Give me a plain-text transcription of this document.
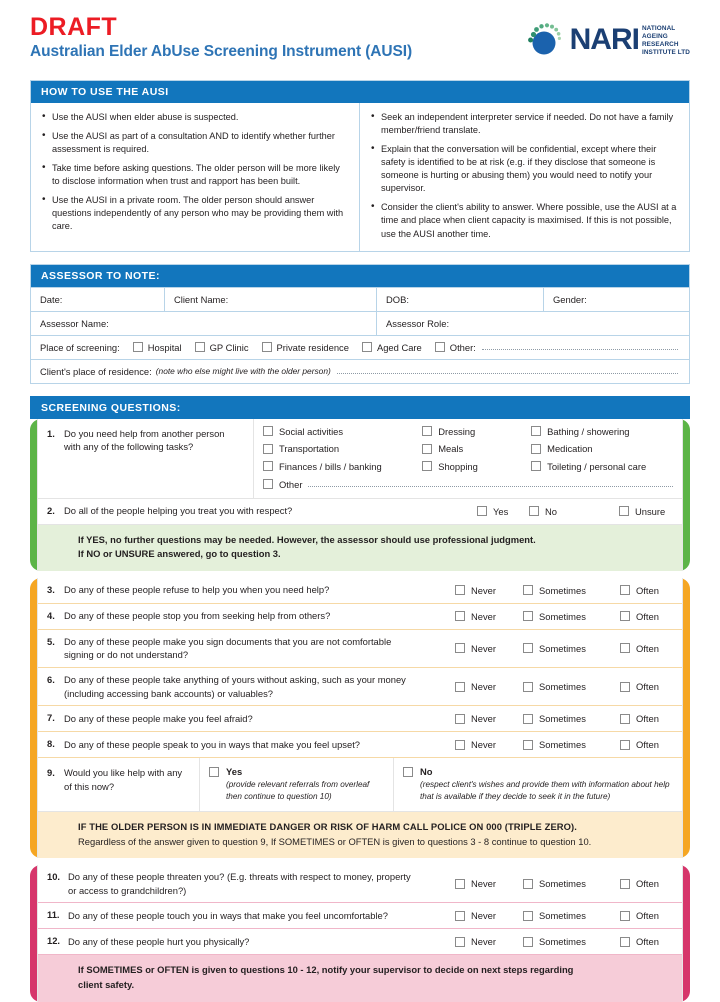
DRAFT
Australian Elder AbUse Screening Instrument (AUSI)	NARI NATIONAL
AGEING
RESEARCH
INSTITUTE LTD
HOW TO USE THE AUSI
• Use the AUSI when elder abuse is suspected.
• Use the AUSI as part of a consultation AND to identify whether further assessment is required.
• Take time before asking questions. The older person will be more likely to disclose information when trust and rapport has been built.
• Use the AUSI in a private room. The older person should answer questions independently of any person who may be providing them with care.
• Seek an independent interpreter service if needed. Do not have a family member/friend translate.
• Explain that the conversation will be confidential, except where their safety is identified to be at risk (e.g. if they disclose that someone is someone is hurting or abusing them) you would need to notify your supervisor.
• Consider the client's ability to answer. Where possible, use the AUSI at a time and place when client capacity is maximised. If this is not possible, use the AUSI another time.
ASSESSOR TO NOTE:
Date:	Client Name:	DOB:	Gender:
Assessor Name:	Assessor Role:
Place of screening:	Hospital	GP Clinic	Private residence	Aged Care	Other:
Client's place of residence: (note who else might live with the older person)
SCREENING QUESTIONS:
1. Do you need help from another person with any of the following tasks?
Social activities
Transportation
Finances / bills / banking
Dressing
Meals
Shopping
Bathing / showering
Medication
Toileting / personal care
Other
2. Do all of the people helping you treat you with respect?	Yes	No	Unsure
If YES, no further questions may be needed. However, the assessor should use professional judgment.
If NO or UNSURE answered, go to question 3.
3. Do any of these people refuse to help you when you need help?	Never	Sometimes	Often
4. Do any of these people stop you from seeking help from others?	Never	Sometimes	Often
5. Do any of these people make you sign documents that you are not comfortable signing or do not understand?
Never	Sometimes	Often
6. Do any of these people take anything of yours without asking, such as your money (including accessing bank accounts) or valuables?
Never	Sometimes	Often
7. Do any of these people make you feel afraid?	Never	Sometimes	Often
8. Do any of these people speak to you in ways that make you feel upset?	Never	Sometimes	Often
9. Would you like help with any of this now?
Yes
(provide relevant referrals from overleaf then continue to question 10)
No
(respect client's wishes and provide them with information about help that is available if they decide to seek it in the future)
IF THE OLDER PERSON IS IN IMMEDIATE DANGER OR RISK OF HARM CALL POLICE ON 000 (TRIPLE ZERO).
Regardless of the answer given to question 9, If SOMETIMES or OFTEN is given to questions 3 - 8 continue to question 10.
10. Do any of these people threaten you? (E.g. threats with respect to money, property or access to grandchildren?)
Never	Sometimes	Often
11. Do any of these people touch you in ways that make you feel uncomfortable?	Never	Sometimes	Often
12. Do any of these people hurt you physically?	Never	Sometimes	Often
If SOMETIMES or OFTEN is given to questions 10 - 12, notify your supervisor to decide on next steps regarding
client safety.
